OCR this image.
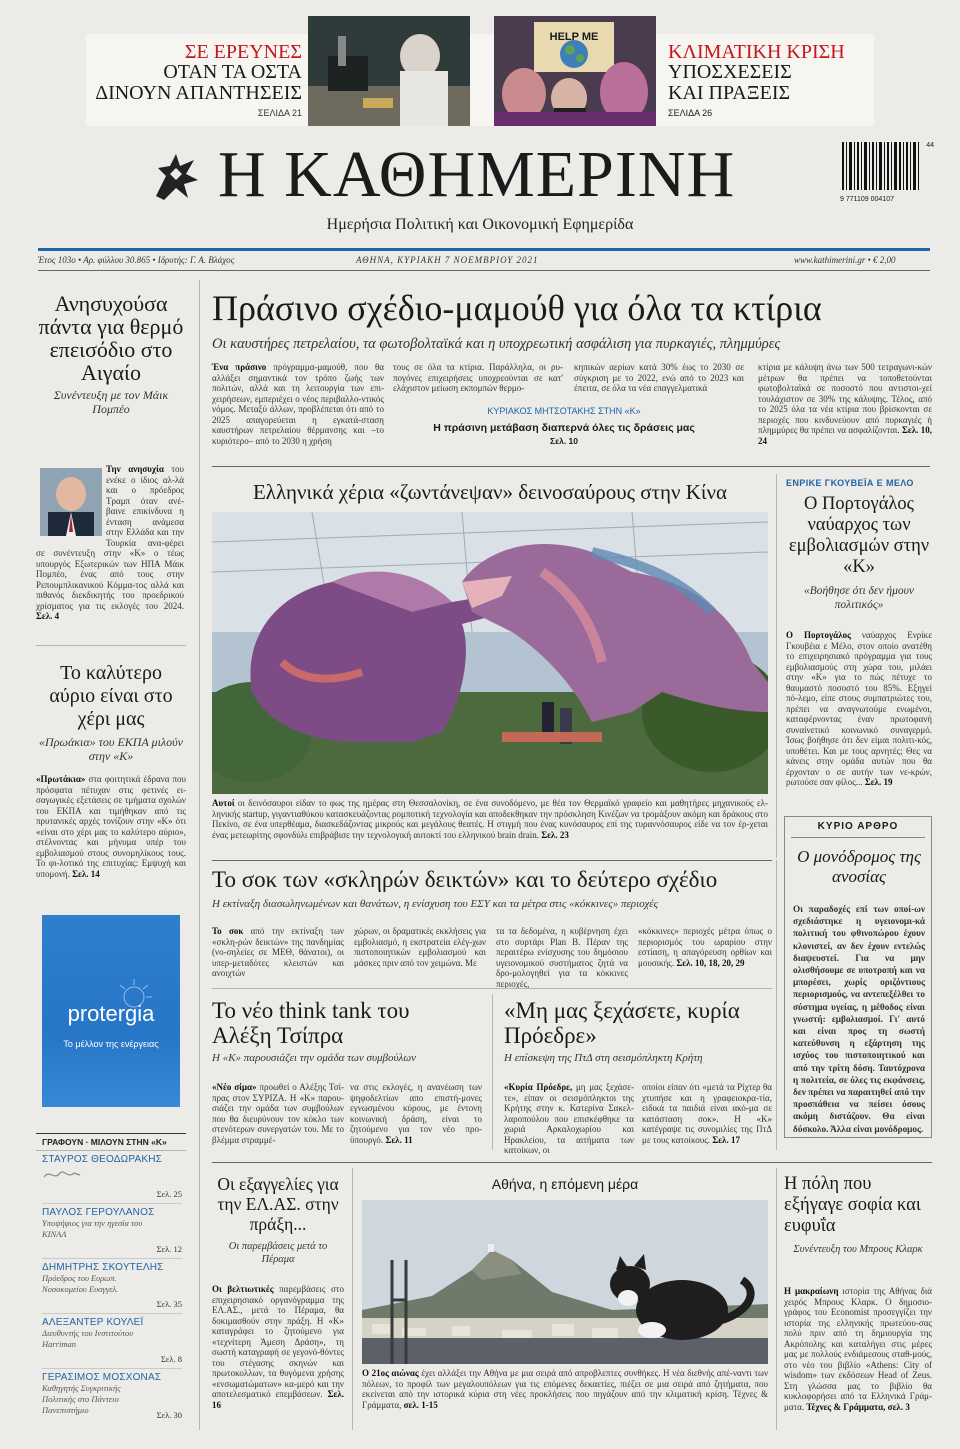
ΣΕ ΕΡΕΥΝΕΣ
ΟΤΑΝ ΤΑ ΟΣΤΑ
ΔΙΝΟΥΝ ΑΠΑΝΤΗΣΕΙΣ
ΣΕΛΙΔΑ 21
HELP ME
ΚΛΙΜΑΤΙΚΗ ΚΡΙΣΗ
ΥΠΟΣΧΕΣΕΙΣ
ΚΑΙ ΠΡΑΞΕΙΣ
ΣΕΛΙΔΑ 26
Η ΚΑΘΗΜΕΡΙΝΗ	9 771109 004107
44
Ημερήσια Πολιτική και Οικονομική Εφημερίδα
Έτος 103ο • Αρ. φύλλου 30.865 • Ιδρυτής: Γ. Α. Βλάχος	ΑΘΗΝΑ, ΚΥΡΙΑΚΗ 7 ΝΟΕΜΒΡΙΟΥ 2021	www.kathimerini.gr • € 2,00
Ανησυχούσα πάντα για θερμό επεισόδιο στο Αιγαίο
Συνέντευξη με τον Μάικ Πομπέο
Την ανησυχία του ενέκε ο ίδιος αλ-λά και ο πρόεδρος Τραμπ όταν ανέ-βαινε επικίνδυνα η ένταση ανάμεσα στην Ελλάδα και την Τουρκία ανα-φέρει σε συνέντευξη στην «Κ» ο τέως υπουργός Εξωτερικών των ΗΠΑ Μάικ Πομπέο, ένας από τους στην Ρεπουμπλικανικού Κόμμα-τος αλλά και πιθανός διεκδικητής του προεδρικού χρίσματος για τις εκλογές του 2024. Σελ. 4
Το καλύτερο αύριο είναι στο χέρι μας
«Πρωάκια» του ΕΚΠΑ μιλούν στην «Κ»
«Πρωτάκια» στα φοιτητικά έδρανα που πρόσφατα πέτυχαν στις φετινές ει-σαγωγικές εξετάσεις σε τμήματα σχολών του ΕΚΠΑ και τιμήθηκαν από τις πρυτανικές αρχές τονίζουν στην «Κ» ότι «είναι στο χέρι μας το καλύτερο αύριο», στέλνοντας και μήνυμα υπέρ του εμβολιασμού στους συνομηλίκους τους. Το φι-λοτικό της επιτυχίας: Εμψυχή και υπομονή. Σελ. 14
protergia
Το μέλλον της ενέργειας
ΓΡΑΦΟΥΝ · ΜΙΛΟΥΝ ΣΤΗΝ «Κ»
ΣΤΑΥΡΟΣ ΘΕΟΔΩΡΑΚΗΣ
Σελ. 25
ΠΑΥΛΟΣ ΓΕΡΟΥΛΑΝΟΣ
Υποψήφιος για την ηγεσία του ΚΙΝΑΛ
Σελ. 12
ΔΗΜΗΤΡΗΣ ΣΚΟΥΤΕΛΗΣ
Πρόεδρος του Ευρωπ. Νοσοκομείου Ευαγγελ.
Σελ. 35
ΑΛΕΞΑΝΤΕΡ ΚΟΥΛΕΪ
Διευθυντής του Ινστιτούτου Harriman
Σελ. 8
ΓΕΡΑΣΙΜΟΣ ΜΟΣΧΟΝΑΣ
Καθηγητής Συγκριτικής Πολιτικής στο Πάντειο Πανεπιστήμιο	Σελ. 30
Πράσινο σχέδιο-μαμούθ για όλα τα κτίρια
Οι καυστήρες πετρελαίου, τα φωτοβολταϊκά και η υποχρεωτική ασφάλιση για πυρκαγιές, πλημμύρες
Ένα πράσινο πρόγραμμα-μαμούθ, που θα αλλάξει σημαντικά τον τρόπο ζωής των πολιτών, αλλά και τη λειτουργία των επι-χειρήσεων, εμπεριέχει ο νέος περιβαλλο-ντικός νόμος. Μεταξύ άλλων, προβλέπεται ότι από το 2025 απαγορεύεται η εγκατά-σταση καυστήρων πετρελαίου θέρμανσης και –το κυριότερο– από το 2030 η χρήση
τους σε όλα τα κτίρια. Παράλληλα, οι ρυ-πογόνες επιχειρήσεις υποχρεούνται σε κατ' ελάχιστον μείωση εκπομπών θερμο-
κηπικών αερίων κατά 30% έως το 2030 σε σύγκριση με το 2022, ενώ από το 2023 και έπειτα, σε όλα τα νέα επαγγελματικά
κτίρια με κάλυψη άνω των 500 τετραγωνι-κών μέτρων θα πρέπει να τοποθετούνται φωτοβολταϊκά σε ποσοστό που αντιστοι-χεί τουλάχιστον σε 30% της κάλυψης. Τέλος, από το 2025 όλα τα νέα κτίρια που βρίσκονται σε περιοχές που κινδυνεύουν από πυρκαγιές ή πλημμύρες θα πρέπει να ασφαλίζονται. Σελ. 10, 24
ΚΥΡΙΑΚΟΣ ΜΗΤΣΟΤΑΚΗΣ ΣΤΗΝ «Κ»
Η πράσινη μετάβαση διαπερνά όλες τις δράσεις μας
Σελ. 10
Ελληνικά χέρια «ζωντάνεψαν» δεινοσαύρους στην Κίνα
Αυτοί οι δεινόσαυροι είδαν το φως της ημέρας στη Θεσσαλονίκη, σε ένα συνοδόμενο, με θέα τον Θερμαϊκό γραφείο και μαθητήρες μηχανικούς ελ-ληνικής startup, γιγαντιαθύκου κατασκευάζοντας ρομποτική τεχνολογία και αποδεκθηκαν την πρόσκληση Κινέζων να τρομάξουν ακόμη και δράκους στο Πεκίνο, σε ένα υπερθέαμα, διασκεδάζοντας μικρούς και μεγάλους θεατές. Η στιγμή που ένας κυνόσαυρος επί της τυραννόσαυρος είδε να τον έρ-χεται ένας μετεωρίτης σφονδύλι επιβράβισε την τεχνολογική αυτοκτί του ελληνικού brain drain. Σελ. 23
ΕΝΡΙΚΕ ΓΚΟΥΒΕΪΑ Ε ΜΕΛΟ
Ο Πορτογάλος ναύαρχος των εμβολιασμών στην «Κ»
«Βοήθησε ότι δεν ήμουν πολιτικός»
Ο Πορτογάλος ναύαρχος Ενρίκε Γκουβέια ε Μέλο, στον οποίο ανατέθη το επιχειρησιακό πρόγραμμα για τους εμβολιασμούς στη χώρα του, μιλάει στην «Κ» για το πώς πέτυχε το θαυμαστό ποσοστό του 85%. Εξηγεί πό-λεμο, είπε στους συμπατριώτες του, πρέπει να αναγνωτούμε ενωμένοι, καταφέρνοντας έναν πρωτοφανή συναίνετικό κοινωνικό συναγερμό. Ίσως βοήθησε ότι δεν είμαι πολιτι-κός, υποθέτει. Και με τους αρνητές; Θες να κάνεις στην ομάδα αυτών που θα έρχονταν ο σε αυτήν των νε-κρών, ρωτούσε σαν φίλος... Σελ. 19
ΚΥΡΙΟ ΑΡΘΡΟ
Ο μονόδρομος της ανοσίας
Οι παραδοχές επί των οποί-ων σχεδιάστηκε η υγειονομι-κά πολιτική του φθινοπώρου έχουν κλονιστεί, αν δεν έχουν εντελώς διαψευστεί. Για να μην ολισθήσουμε σε υποτροπή και να μπορέσει, χωρίς οριζόντιους περιορισμούς, να αντεπεξέλθει το σύστημα υγείας, η μέθοδος είναι γνωστή: εμβολιασμοί. Γι' αυτό και είναι προς τη σωστή κατεύθυνση η εξάρτηση της ισχύος του πιστοποιητικού και από την τρίτη δόση. Ταυτόχρονα η πολιτεία, σε όλες τις εκφάνσεις, δεν πρέπει να παραιτηθεί από την προσπάθεια να πείσει όσους ακόμη διστάζουν. Θα είναι δύσκολο. Άλλα είναι μονόδρομος.
Το σοκ των «σκληρών δεικτών» και το δεύτερο σχέδιο
Η εκτίναξη διασωληνωμένων και θανάτων, η ενίσχυση του ΕΣΥ και τα μέτρα στις «κόκκινες» περιοχές
Το σοκ από την εκτίναξη των «σκλη-ρών δεικτών» της πανδημίας (νο-σηλείες σε ΜΕΘ, θάνατοι), οι υπερ-μεταδότες κλειστών και ανοιχτών
χώρων, οι δραματικές εκκλήσεις για εμβολιασμό, η εκστρατεία ελέγ-χων πιστοποιητικών εμβολιασμού και μάσκες πριν από τον χειμώνα. Με
τα τα δεδομένα, η κυβέρνηση έχει στο συρτάρι Plan B. Πέραν της περαιτέρω ενίσχυσης του δημόσιου υγειονομικού συστήματος ζητά να δρο-μολογηθεί για τα κόκκινες περιοχές,
«κόκκινες» περιοχές μέτρα όπως ο περιορισμός του ωραρίου στην εστίαση, η απαγόρευση ορθίων και μουσικής. Σελ. 10, 18, 20, 29
Το νέο think tank του Αλέξη Τσίπρα
Η «Κ» παρουσιάζει την ομάδα των συμβούλων
«Νέο σίμα» προωθεί ο Αλέξης Τσί-πρας στον ΣΥΡΙΖΑ. Η «Κ» παρου-σιάζει την ομάδα των συμβούλων που θα διευρύνουν τον κύκλο των στενότερων συνεργατών του. Με το βλέμμα στραμμέ-
να στις εκλογές, η ανανέωση των ψηφοδελτίων απο επιστή-μονες εγνωσμένου κύρους, με έντονη κοινωνική δράση, είναι το ζητούμενο για τον νέο προ-ϋπουργό. Σελ. 11
«Μη μας ξεχάσετε, κυρία Πρόεδρε»
Η επίσκεψη της ΠτΔ στη σεισμόπληκτη Κρήτη
«Κυρία Πρόεδρε, μη μας ξεχάσε-τε», είπαν οι σεισμόπληκτοι της Κρήτης στην κ. Κατερίνα Σακελ-λαροπούλου που επισκέφθηκε τα χωριά Αρκαλοχωρίου και Ηρακλείου, τα αιτήματα των κατοίκων, οι
οποίοι είπαν ότι «μετά τα Ρίχτερ θα χτυπήσε και η γραφειοκρα-τία, ειδικά τα παιδιά είναι ακό-μα σε κατάσταση σοκ». Η «Κ» κατέγραψε τις συνομιλίες της ΠτΔ με τους κατοίκους. Σελ. 17
Οι εξαγγελίες για την ΕΛ.ΑΣ. στην πράξη...
Οι παρεμβάσεις μετά το Πέραμα
Οι βελτιωτικές παρεμβάσεις στο επιχειρησιακό οργανόγραμμα της ΕΛ.ΑΣ., μετά το Πέραμα, θα δοκιμασθούν στην πράξη. Η «Κ» καταγράφει το ζητούμενο για «τεχνίτερη Άμεση Δράση», τη σωστή καταγραφή σε γεγονό-θόντες του στέγασης σκηνών και πρωτοκολλων, τα θυγόμενα χρήσης «ενσωματώματων» κα-μερό και την αποτελεσματικό επεμβάσεων. Σελ. 16
Αθήνα, η επόμενη μέρα
Ο 21ος αιώνας έχει αλλάξει την Αθήνα με μια σειρά από απροβλεπτες συνθήκες. Η νέα διεθνής απέ-ναντι των πόλεων, το προφίλ των μεγαλουπόλεων για τις επόμενες δεκαετίες, πιέζει σε μια σειρά από ζητήματα, που εκείνεται από την ιστορικά κύρια στη νέες προκλήσεις που πηγάζουν από την κλιματική κρίση. Τέχνες & Γράμματα, σελ. 1-15
Η πόλη που εξήγαγε σοφία και ευφυΐα
Συνέντευξη του Μπρους Κλαρκ
Η μακραίωνη ιστορία της Αθήνας διά χειρός Μπρους Κλαρκ. Ο δημοσιο-γράφος του Economist προσεγγίζει την ιστορία της ελληνικής πρωτεύου-σας πολύ πριν από τη δημιουργία της Ακρόπολης και καταλήγει στις μέρες μας με πολλούς ενδιάμεσους σταθ-μούς, στο νέο του βιβλίο «Athens: City of wisdom» των εκδόσεων Head of Zeus. Στη γλώσσα μας το βιβλίο θα κυκλοφορήσει από τα Ελληνικά Γράμ-ματα. Τέχνες & Γράμματα, σελ. 3
